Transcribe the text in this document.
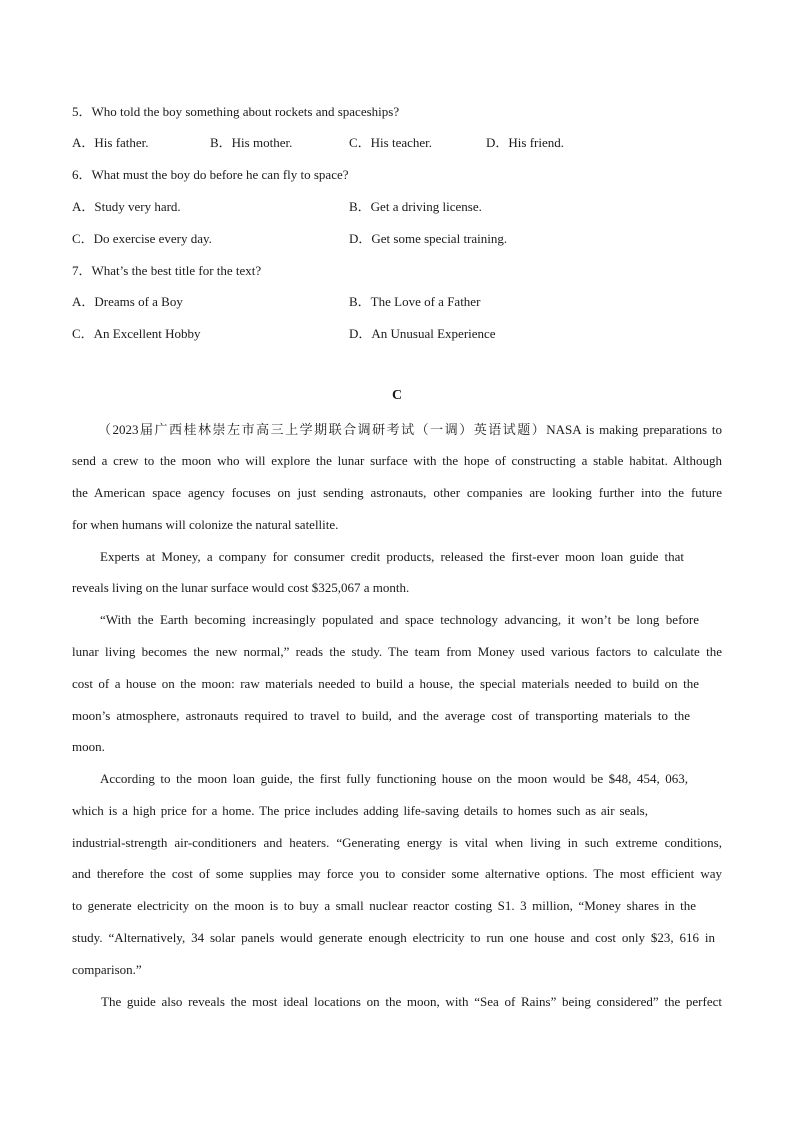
5．Who told the boy something about rockets and spaceships?
A．His father.	B．His mother.	C．His teacher.	D．His friend.
6．What must the boy do before he can fly to space?
A．Study very hard.	B．Get a driving license.
C．Do exercise every day.	D．Get some special training.
7．What’s the best title for the text?
A．Dreams of a Boy	B．The Love of a Father
C．An Excellent Hobby	D．An Unusual Experience
C
（2023届广西桂林崇左市高三上学期联合调研考试（一调）英语试题）NASA is making preparations to
send a crew to the moon who will explore the lunar surface with the hope of constructing a stable habitat. Although
the American space agency focuses on just sending astronauts, other companies are looking further into the future
for when humans will colonize the natural satellite.
Experts at Money, a company for consumer credit products, released the first-ever moon loan guide that
reveals living on the lunar surface would cost $325,067 a month.
“With the Earth becoming increasingly populated and space technology advancing, it won’t be long before
lunar living becomes the new normal,” reads the study. The team from Money used various factors to calculate the
cost of a house on the moon: raw materials needed to build a house, the special materials needed to build on the
moon’s atmosphere, astronauts required to travel to build, and the average cost of transporting materials to the
moon.
According to the moon loan guide, the first fully functioning house on the moon would be $48, 454, 063,
which is a high price for a home. The price includes adding life-saving details to homes such as air seals,
industrial-strength air-conditioners and heaters. “Generating energy is vital when living in such extreme conditions,
and therefore the cost of some supplies may force you to consider some alternative options. The most efficient way
to generate electricity on the moon is to buy a small nuclear reactor costing S1. 3 million, “Money shares in the
study. “Alternatively, 34 solar panels would generate enough electricity to run one house and cost only $23, 616 in
comparison.”
The guide also reveals the most ideal locations on the moon, with “Sea of Rains” being considered” the perfect
